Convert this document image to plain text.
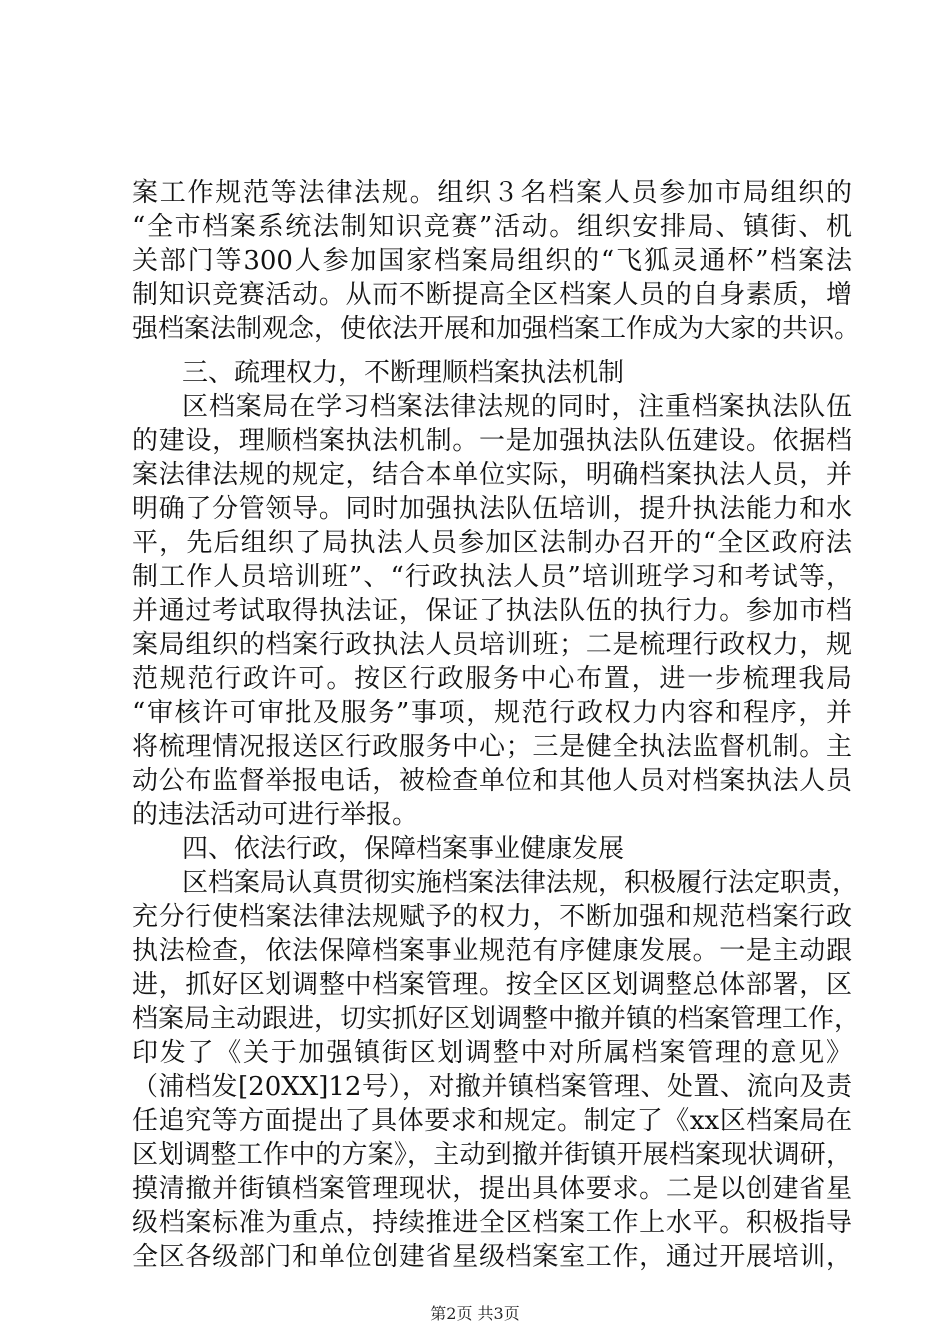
案工作规范等法律法规。组织３名档案人员参加市局组织的
“全市档案系统法制知识竞赛”活动。组织安排局、镇街、机
关部门等300人参加国家档案局组织的“飞狐灵通杯”档案法
制知识竞赛活动。从而不断提高全区档案人员的自身素质，增
强档案法制观念，使依法开展和加强档案工作成为大家的共识。
三、疏理权力，不断理顺档案执法机制
区档案局在学习档案法律法规的同时，注重档案执法队伍
的建设，理顺档案执法机制。一是加强执法队伍建设。依据档
案法律法规的规定，结合本单位实际，明确档案执法人员，并
明确了分管领导。同时加强执法队伍培训，提升执法能力和水
平，先后组织了局执法人员参加区法制办召开的“全区政府法
制工作人员培训班”、“行政执法人员”培训班学习和考试等，
并通过考试取得执法证，保证了执法队伍的执行力。参加市档
案局组织的档案行政执法人员培训班；二是梳理行政权力，规
范规范行政许可。按区行政服务中心布置，进一步梳理我局
“审核许可审批及服务”事项，规范行政权力内容和程序，并
将梳理情况报送区行政服务中心；三是健全执法监督机制。主
动公布监督举报电话，被检查单位和其他人员对档案执法人员
的违法活动可进行举报。
四、依法行政，保障档案事业健康发展
区档案局认真贯彻实施档案法律法规，积极履行法定职责，
充分行使档案法律法规赋予的权力，不断加强和规范档案行政
执法检查，依法保障档案事业规范有序健康发展。一是主动跟
进，抓好区划调整中档案管理。按全区区划调整总体部署，区
档案局主动跟进，切实抓好区划调整中撤并镇的档案管理工作，
印发了《关于加强镇街区划调整中对所属档案管理的意见》
（浦档发[20XX]12号），对撤并镇档案管理、处置、流向及责
任追究等方面提出了具体要求和规定。制定了《xx区档案局在
区划调整工作中的方案》，主动到撤并街镇开展档案现状调研，
摸清撤并街镇档案管理现状，提出具体要求。二是以创建省星
级档案标准为重点，持续推进全区档案工作上水平。积极指导
全区各级部门和单位创建省星级档案室工作，通过开展培训，
第2页 共3页
